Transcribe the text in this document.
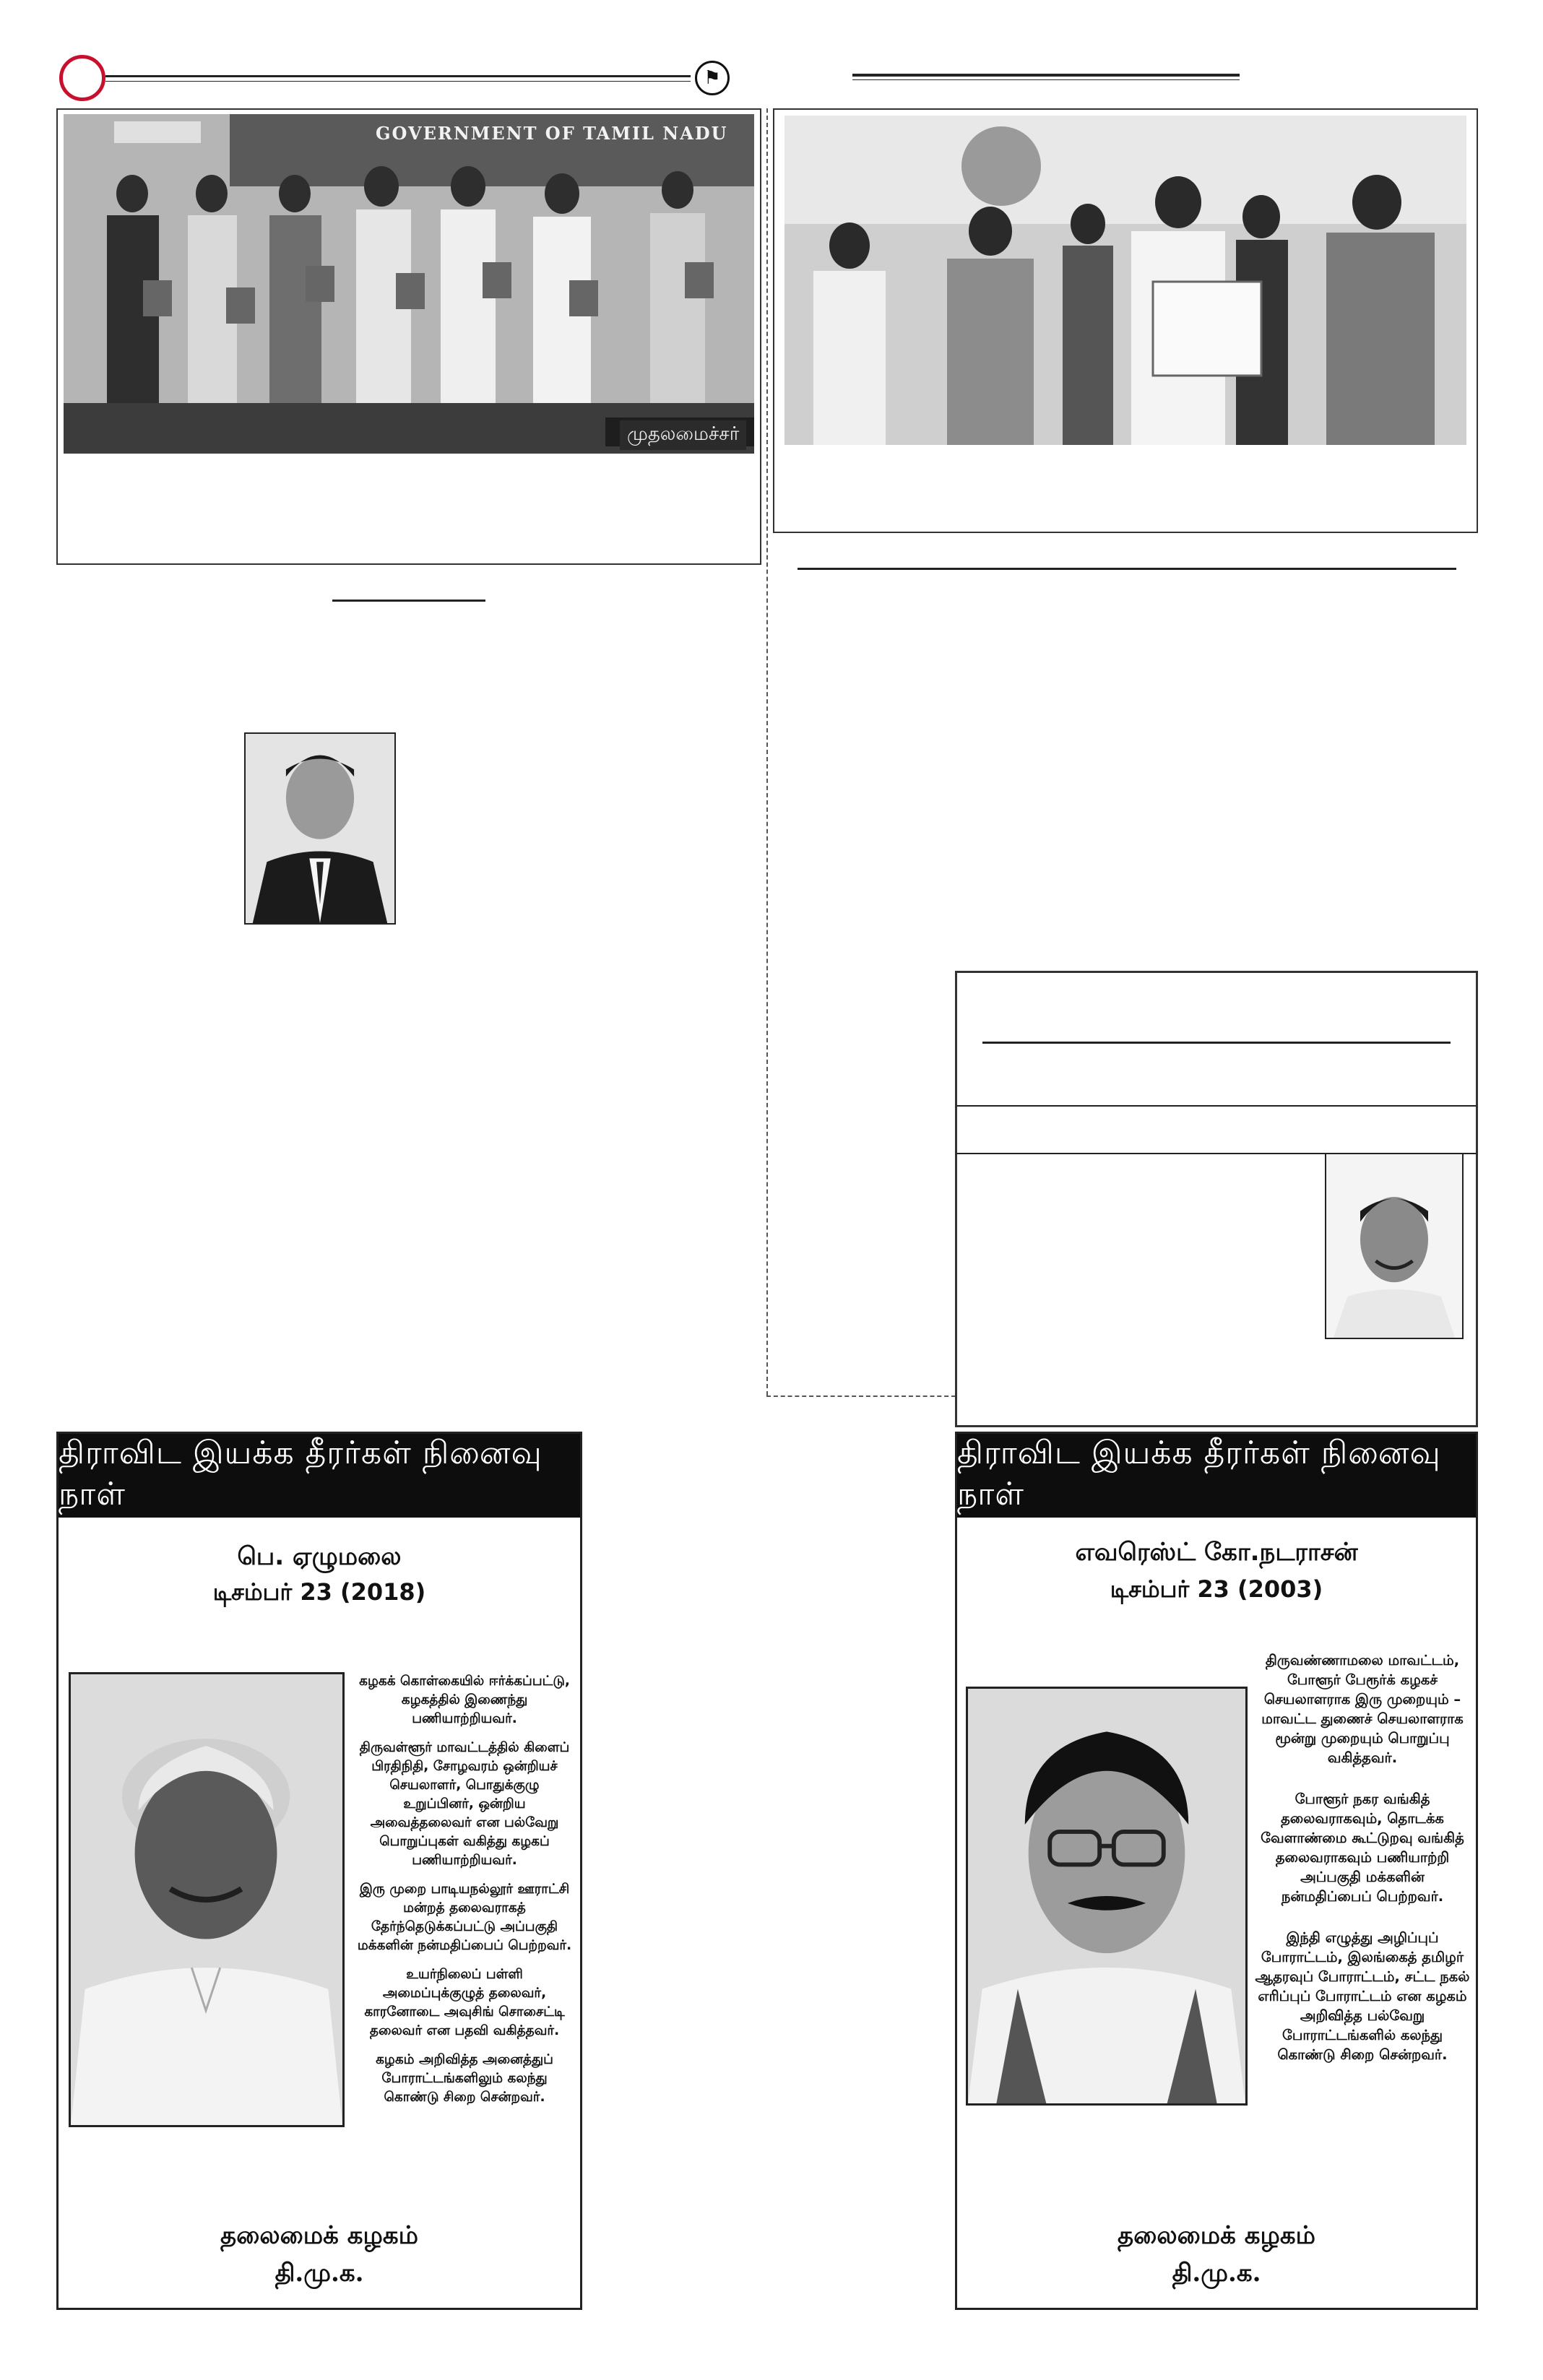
⚑
GOVERNMENT OF TAMIL NADU
முதலமைச்சர்
திராவிட இயக்க தீரர்கள் நினைவு நாள்
பெ. ஏழுமலை
டிசம்பர் 23 (2018)

கழகக் கொள்கையில் ஈர்க்கப்பட்டு, கழகத்தில் இணைந்து பணியாற்றியவர்.

திருவள்ளூர் மாவட்டத்தில் கிளைப் பிரதிநிதி, சோழவரம் ஒன்றியச் செயலாளர், பொதுக்குழு உறுப்பினர், ஒன்றிய அவைத்தலைவர் என பல்வேறு பொறுப்புகள் வகித்து கழகப் பணியாற்றியவர்.

இரு முறை பாடியநல்லூர் ஊராட்சி மன்றத் தலைவராகத் தேர்ந்தெடுக்கப்பட்டு அப்பகுதி மக்களின் நன்மதிப்பைப் பெற்றவர்.

உயர்நிலைப் பள்ளி அமைப்புக்குழுத் தலைவர், காரனோடை அவுசிங் சொசைட்டி தலைவர் என பதவி வகித்தவர்.

கழகம் அறிவித்த அனைத்துப் போராட்டங்களிலும் கலந்து கொண்டு சிறை சென்றவர்.

தலைமைக் கழகம்
தி.மு.க.
திராவிட இயக்க தீரர்கள் நினைவு நாள்
எவரெஸ்ட் கோ.நடராசன்
டிசம்பர் 23 (2003)

திருவண்ணாமலை மாவட்டம், போளூர் பேரூர்க் கழகச் செயலாளராக இரு முறையும் – மாவட்ட துணைச் செயலாளராக மூன்று முறையும் பொறுப்பு வகித்தவர்.

போளூர் நகர வங்கித் தலைவராகவும், தொடக்க வேளாண்மை கூட்டுறவு வங்கித் தலைவராகவும் பணியாற்றி அப்பகுதி மக்களின் நன்மதிப்பைப் பெற்றவர்.

இந்தி எழுத்து அழிப்புப் போராட்டம், இலங்கைத் தமிழர் ஆதரவுப் போராட்டம், சட்ட நகல் எரிப்புப் போராட்டம் என கழகம் அறிவித்த பல்வேறு போராட்டங்களில் கலந்து கொண்டு சிறை சென்றவர்.

தலைமைக் கழகம்
தி.மு.க.
